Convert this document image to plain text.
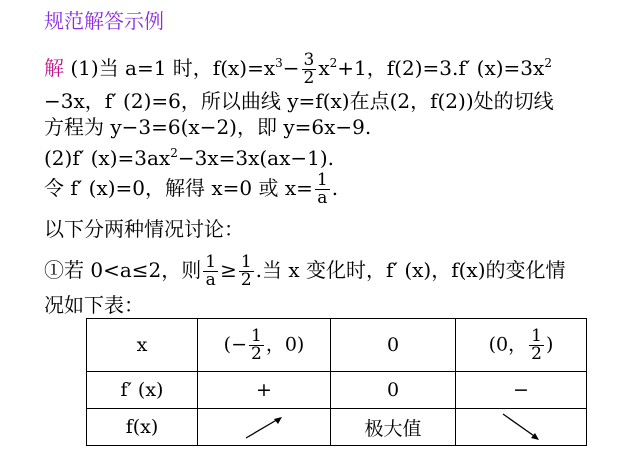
规范解答示例
解 (1)当 a=1 时，$f(x)=x^3- \frac{3}{2} x^2+1$，f(2)=3.f′ $(x)=3x^2$
−3x，f′ (2)=6，所以曲线 y=f(x)在点(2，f(2))处的切线
方程为 y−3=6(x−2)，即 y=6x−9.
(2)f′ $(x)=3ax^2-3x=3x(ax-1)$.
令 f′ (x)=0，解得 x=0 或 $x= \frac{1}{a}$ .
以下分两种情况讨论：
①若 0<a≤2，则 $\frac{1}{a} \ge \frac{1}{2}$ .当 x 变化时，f′ (x)，f(x)的变化情
况如下表：
x	(− $\frac{1}{2}$ ，0)	0	(0， $\frac{1}{2}$ )
f′ (x)	+	0	−
f(x)		极大值	
